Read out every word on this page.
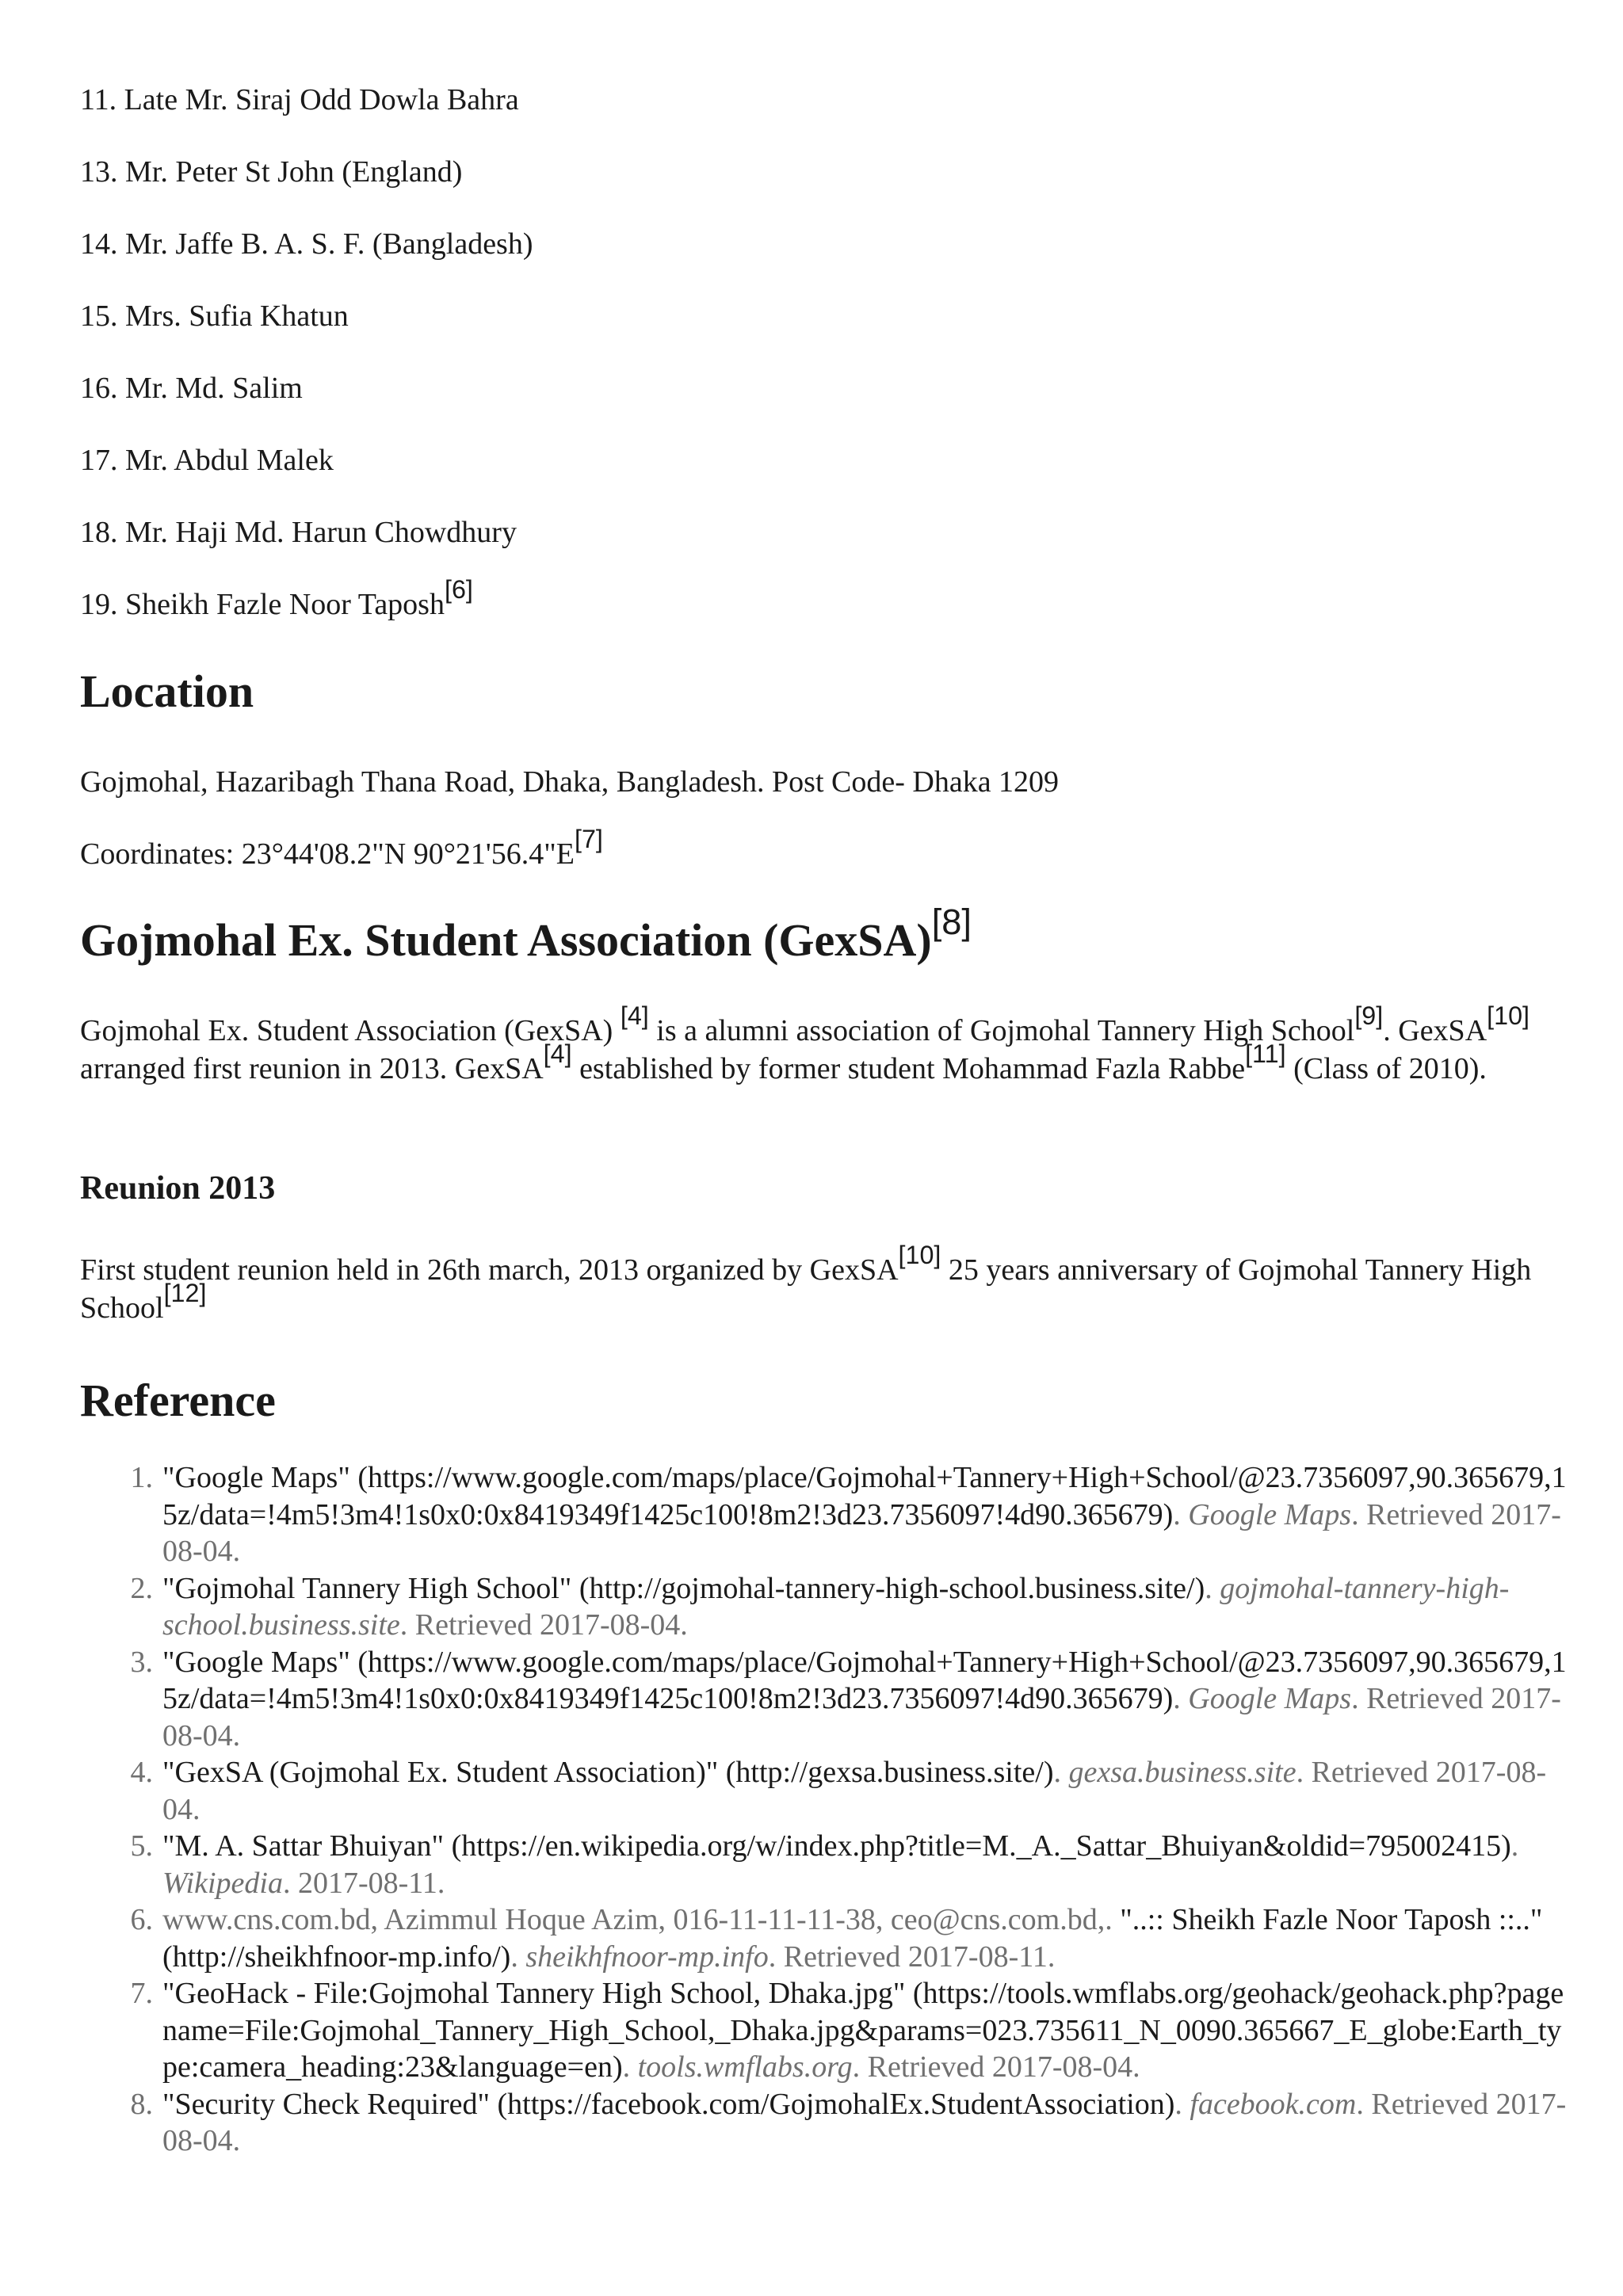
11. Late Mr. Siraj Odd Dowla Bahra
13. Mr. Peter St John (England)
14. Mr. Jaffe B. A. S. F. (Bangladesh)
15. Mrs. Sufia Khatun
16. Mr. Md. Salim
17. Mr. Abdul Malek
18. Mr. Haji Md. Harun Chowdhury
19. Sheikh Fazle Noor Taposh[6]
Location

Gojmohal, Hazaribagh Thana Road, Dhaka, Bangladesh. Post Code- Dhaka 1209

Coordinates: 23°44'08.2"N 90°21'56.4"E[7]

Gojmohal Ex. Student Association (GexSA)[8]

Gojmohal Ex. Student Association (GexSA) [4] is a alumni association of Gojmohal Tannery High School[9]. GexSA[10] arranged first reunion in 2013. GexSA[4] established by former student Mohammad Fazla Rabbe[11] (Class of 2010).

Reunion 2013

First student reunion held in 26th march, 2013 organized by GexSA[10] 25 years anniversary of Gojmohal Tannery High School[12]

Reference
1. "Google Maps" (https://www.google.com/maps/place/Gojmohal+Tannery+High+School/@23.7356097,90.365679,15z/data=!4m5!3m4!1s0x0:0x8419349f1425c100!8m2!3d23.7356097!4d90.365679). Google Maps. Retrieved 2017-08-04.
2. "Gojmohal Tannery High School" (http://gojmohal-tannery-high-school.business.site/). gojmohal-tannery-high-school.business.site. Retrieved 2017-08-04.
3. "Google Maps" (https://www.google.com/maps/place/Gojmohal+Tannery+High+School/@23.7356097,90.365679,15z/data=!4m5!3m4!1s0x0:0x8419349f1425c100!8m2!3d23.7356097!4d90.365679). Google Maps. Retrieved 2017-08-04.
4. "GexSA (Gojmohal Ex. Student Association)" (http://gexsa.business.site/). gexsa.business.site. Retrieved 2017-08-04.
5. "M. A. Sattar Bhuiyan" (https://en.wikipedia.org/w/index.php?title=M._A._Sattar_Bhuiyan&oldid=795002415). Wikipedia. 2017-08-11.
6. www.cns.com.bd, Azimmul Hoque Azim, 016-11-11-11-38, ceo@cns.com.bd,. "..:: Sheikh Fazle Noor Taposh ::.." (http://sheikhfnoor-mp.info/). sheikhfnoor-mp.info. Retrieved 2017-08-11.
7. "GeoHack - File:Gojmohal Tannery High School, Dhaka.jpg" (https://tools.wmflabs.org/geohack/geohack.php?pagename=File:Gojmohal_Tannery_High_School,_Dhaka.jpg&params=023.735611_N_0090.365667_E_globe:Earth_type:camera_heading:23&language=en). tools.wmflabs.org. Retrieved 2017-08-04.
8. "Security Check Required" (https://facebook.com/GojmohalEx.StudentAssociation). facebook.com. Retrieved 2017-08-04.
